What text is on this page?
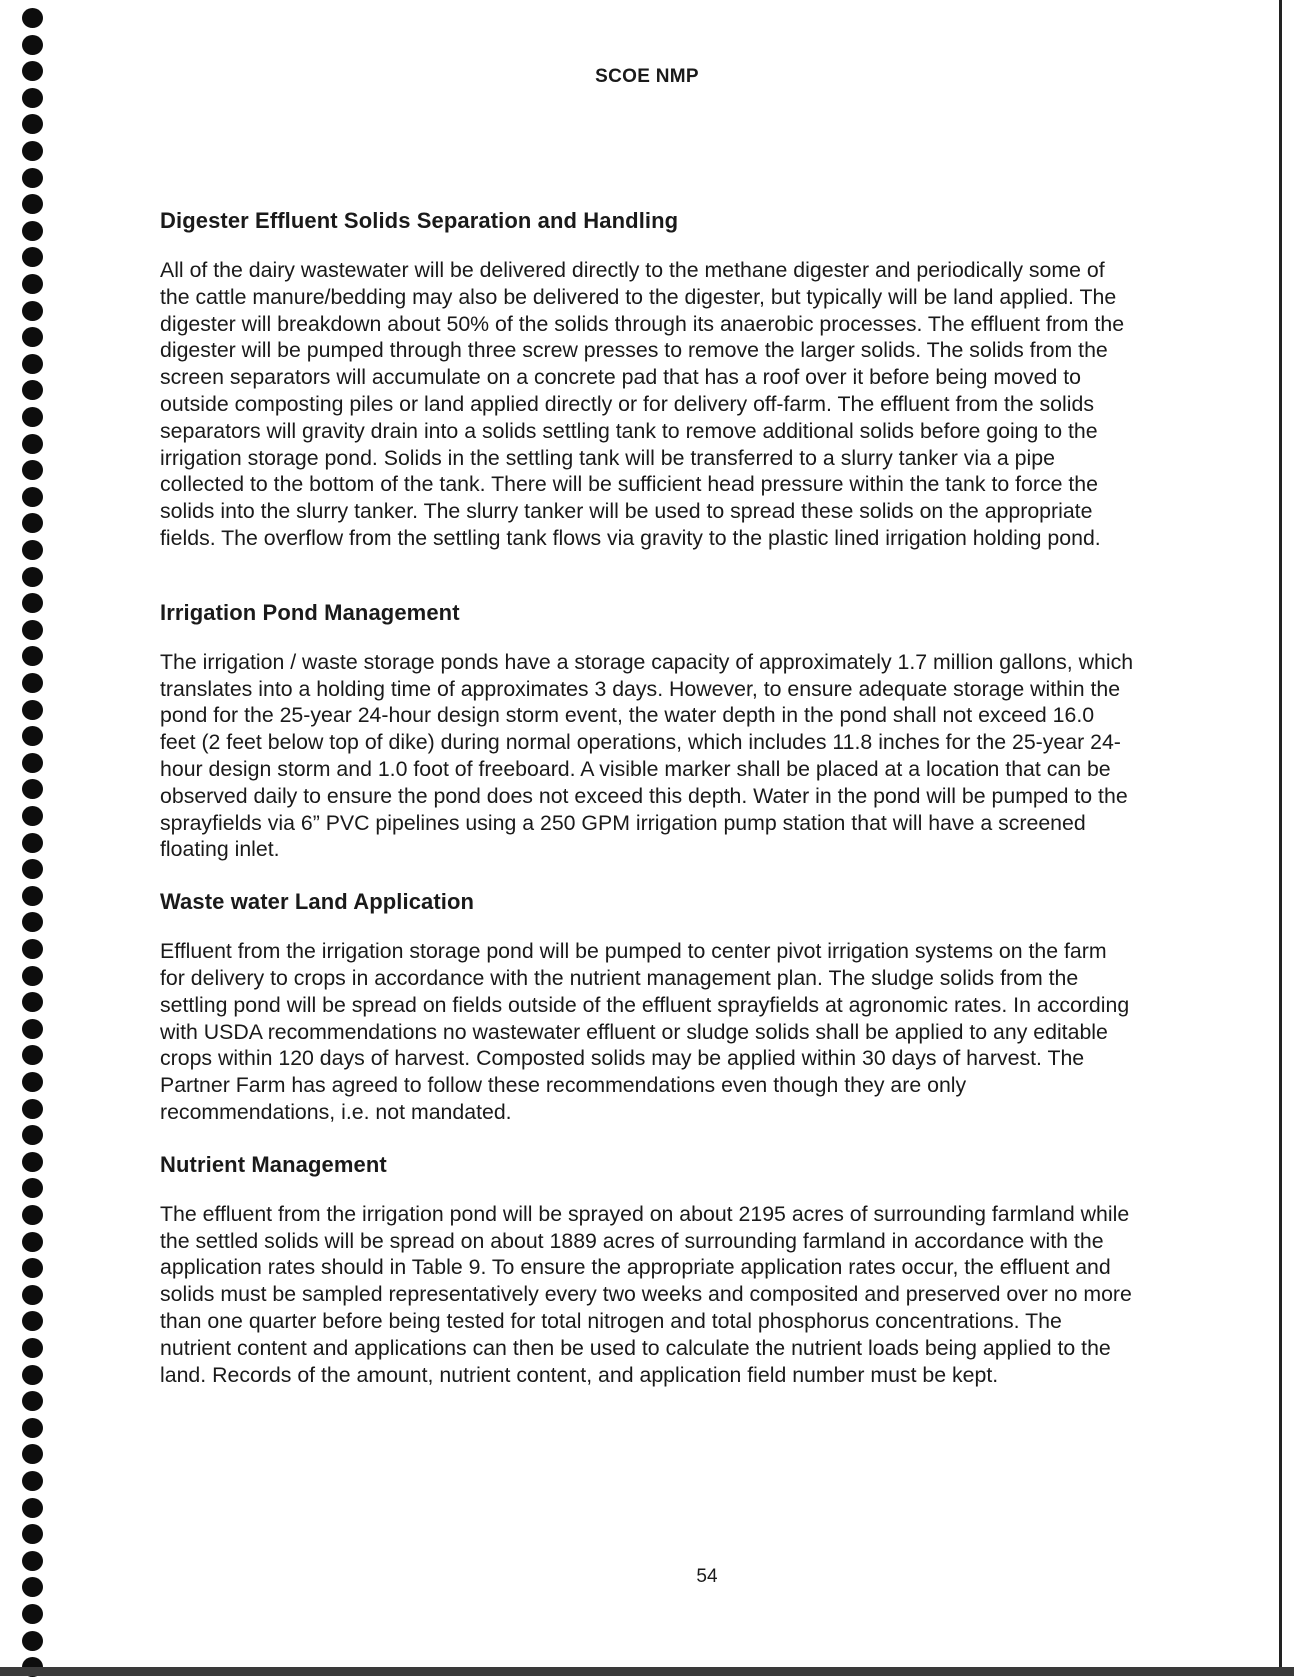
SCOE NMP
Digester Effluent Solids Separation and Handling

All of the dairy wastewater will be delivered directly to the methane digester and periodically some of the cattle manure/bedding may also be delivered to the digester, but typically will be land applied. The digester will breakdown about 50% of the solids through its anaerobic processes. The effluent from the digester will be pumped through three screw presses to remove the larger solids. The solids from the screen separators will accumulate on a concrete pad that has a roof over it before being moved to outside composting piles or land applied directly or for delivery off-farm. The effluent from the solids separators will gravity drain into a solids settling tank to remove additional solids before going to the irrigation storage pond. Solids in the settling tank will be transferred to a slurry tanker via a pipe collected to the bottom of the tank. There will be sufficient head pressure within the tank to force the solids into the slurry tanker. The slurry tanker will be used to spread these solids on the appropriate fields. The overflow from the settling tank flows via gravity to the plastic lined irrigation holding pond.

Irrigation Pond Management

The irrigation / waste storage ponds have a storage capacity of approximately 1.7 million gallons, which translates into a holding time of approximates 3 days. However, to ensure adequate storage within the pond for the 25-year 24-hour design storm event, the water depth in the pond shall not exceed 16.0 feet (2 feet below top of dike) during normal operations, which includes 11.8 inches for the 25-year 24-hour design storm and 1.0 foot of freeboard. A visible marker shall be placed at a location that can be observed daily to ensure the pond does not exceed this depth. Water in the pond will be pumped to the sprayfields via 6” PVC pipelines using a 250 GPM irrigation pump station that will have a screened floating inlet.

Waste water Land Application

Effluent from the irrigation storage pond will be pumped to center pivot irrigation systems on the farm for delivery to crops in accordance with the nutrient management plan. The sludge solids from the settling pond will be spread on fields outside of the effluent sprayfields at agronomic rates. In according with USDA recommendations no wastewater effluent or sludge solids shall be applied to any editable crops within 120 days of harvest. Composted solids may be applied within 30 days of harvest. The Partner Farm has agreed to follow these recommendations even though they are only recommendations, i.e. not mandated.

Nutrient Management

The effluent from the irrigation pond will be sprayed on about 2195 acres of surrounding farmland while the settled solids will be spread on about 1889 acres of surrounding farmland in accordance with the application rates should in Table 9. To ensure the appropriate application rates occur, the effluent and solids must be sampled representatively every two weeks and composited and preserved over no more than one quarter before being tested for total nitrogen and total phosphorus concentrations. The nutrient content and applications can then be used to calculate the nutrient loads being applied to the land. Records of the amount, nutrient content, and application field number must be kept.

54
